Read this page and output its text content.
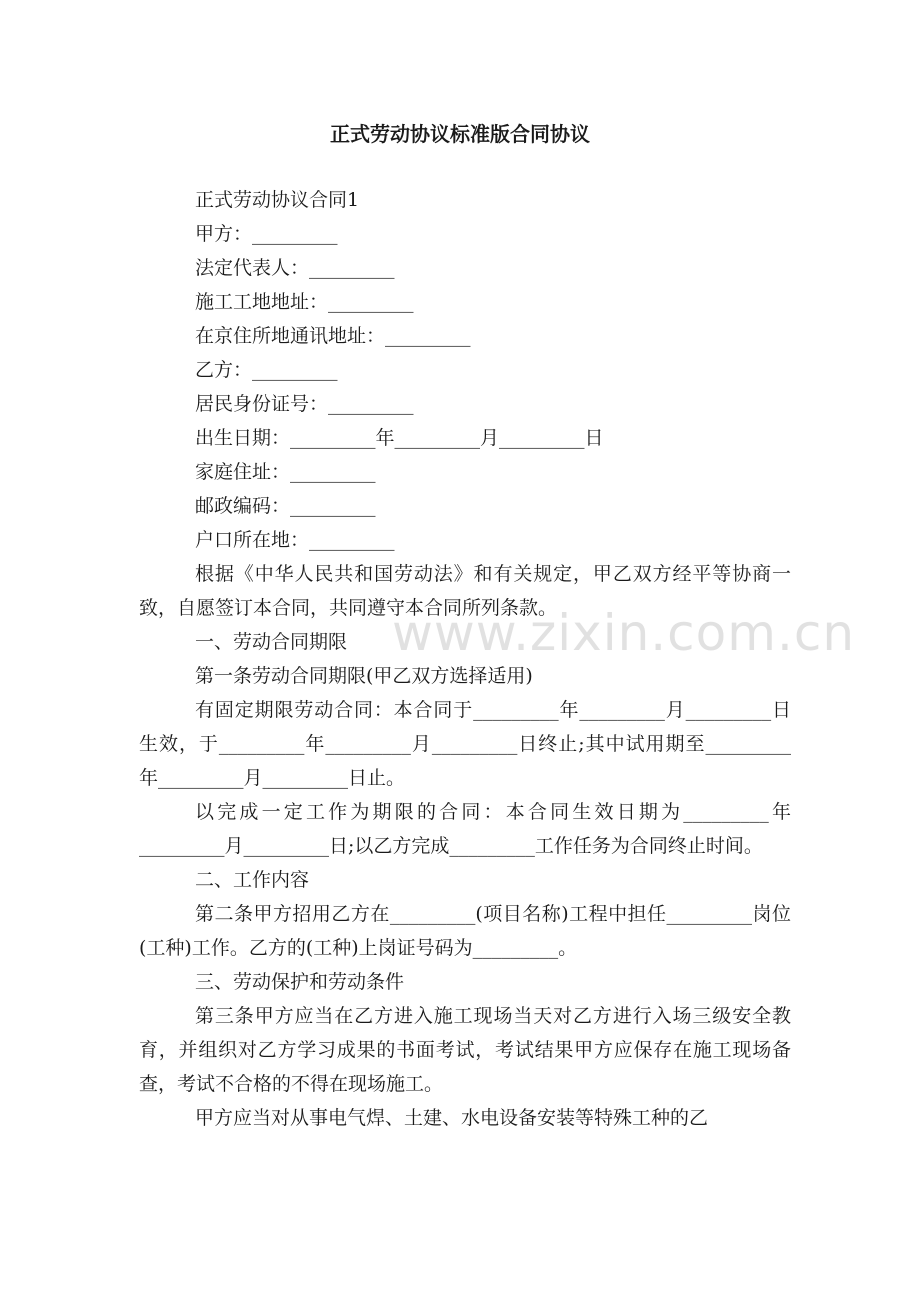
正式劳动协议标准版合同协议
正式劳动协议合同1
甲方：_________
法定代表人：_________
施工工地地址：_________
在京住所地通讯地址：_________
乙方：_________
居民身份证号：_________
出生日期：_________年_________月_________日
家庭住址：_________
邮政编码：_________
户口所在地：_________
根据《中华人民共和国劳动法》和有关规定，甲乙双方经平等协商一致，自愿签订本合同，共同遵守本合同所列条款。
一、劳动合同期限
第一条劳动合同期限(甲乙双方选择适用)
有固定期限劳动合同：本合同于_________年_________月_________日生效，于_________年_________月_________日终止;其中试用期至_________年_________月_________日止。
以完成一定工作为期限的合同：本合同生效日期为_________年_________月_________日;以乙方完成_________工作任务为合同终止时间。
二、工作内容
第二条甲方招用乙方在_________(项目名称)工程中担任_________岗位(工种)工作。乙方的(工种)上岗证号码为_________。
三、劳动保护和劳动条件
第三条甲方应当在乙方进入施工现场当天对乙方进行入场三级安全教育，并组织对乙方学习成果的书面考试，考试结果甲方应保存在施工现场备查，考试不合格的不得在现场施工。
甲方应当对从事电气焊、土建、水电设备安装等特殊工种的乙
www.zixin.com.cn
